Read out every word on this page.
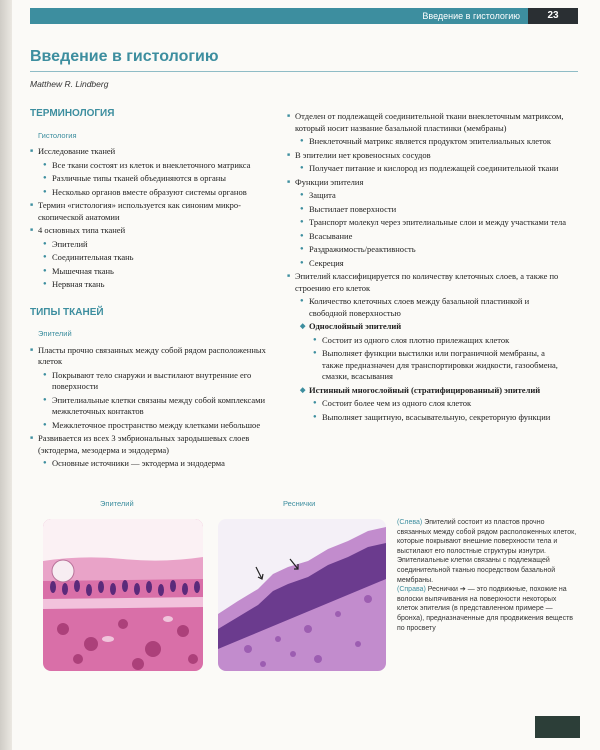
Введение в гистологию	23
Введение в гистологию
Matthew R. Lindberg
ТЕРМИНОЛОГИЯ
Гистология
■ Исследование тканей
● Все ткани состоят из клеток и внеклеточного матрикса
● Различные типы тканей объединяются в органы
● Несколько органов вместе образуют системы органов
■ Термин «гистология» используется как синоним микроскопической анатомии
■ 4 основных типа тканей
● Эпителий
● Соединительная ткань
● Мышечная ткань
● Нервная ткань
ТИПЫ ТКАНЕЙ
Эпителий
■ Пласты прочно связанных между собой рядом расположенных клеток
● Покрывают тело снаружи и выстилают внутренние его поверхности
● Эпителиальные клетки связаны между собой комплексами межклеточных контактов
● Межклеточное пространство между клетками небольшое
■ Развивается из всех 3 эмбриональных зародышевых слоев (эктодерма, мезодерма и эндодерма)
● Основные источники — эктодерма и эндодерма
■ Отделен от подлежащей соединительной ткани внеклеточным матриксом, который носит название базальной пластинки (мембраны)
● Внеклеточный матрикс является продуктом эпителиальных клеток
■ В эпителии нет кровеносных сосудов
● Получает питание и кислород из подлежащей соединительной ткани
■ Функции эпителия
● Защита
● Выстилает поверхности
● Транспорт молекул через эпителиальные слои и между участками тела
● Всасывание
● Раздражимость/реактивность
● Секреция
■ Эпителий классифицируется по количеству клеточных слоев, а также по строению его клеток
● Количество клеточных слоев между базальной пластинкой и свободной поверхностью
◆ Однослойный эпителий
● Состоит из одного слоя плотно прилежащих клеток
● Выполняет функции выстилки или пограничной мембраны, а также предназначен для транспортировки жидкости, газообмена, смазки, всасывания
◆ Истинный многослойный (стратифицированный) эпителий
● Состоит более чем из одного слоя клеток
● Выполняет защитную, всасывательную, секреторную функции
Эпителий	Реснички
(Слева) Эпителий состоит из пластов прочно связанных между собой рядом расположенных клеток, которые покрывают внешние поверхности тела и выстилают его полостные структуры изнутри. Эпителиальные клетки связаны с подлежащей соединительной тканью посредством базальной мембраны.
(Справа) Реснички ➔ — это подвижные, похожие на волоски выпячивания на поверхности некоторых клеток эпителия (в представленном примере — бронха), предназначенные для продвижения веществ по просвету
